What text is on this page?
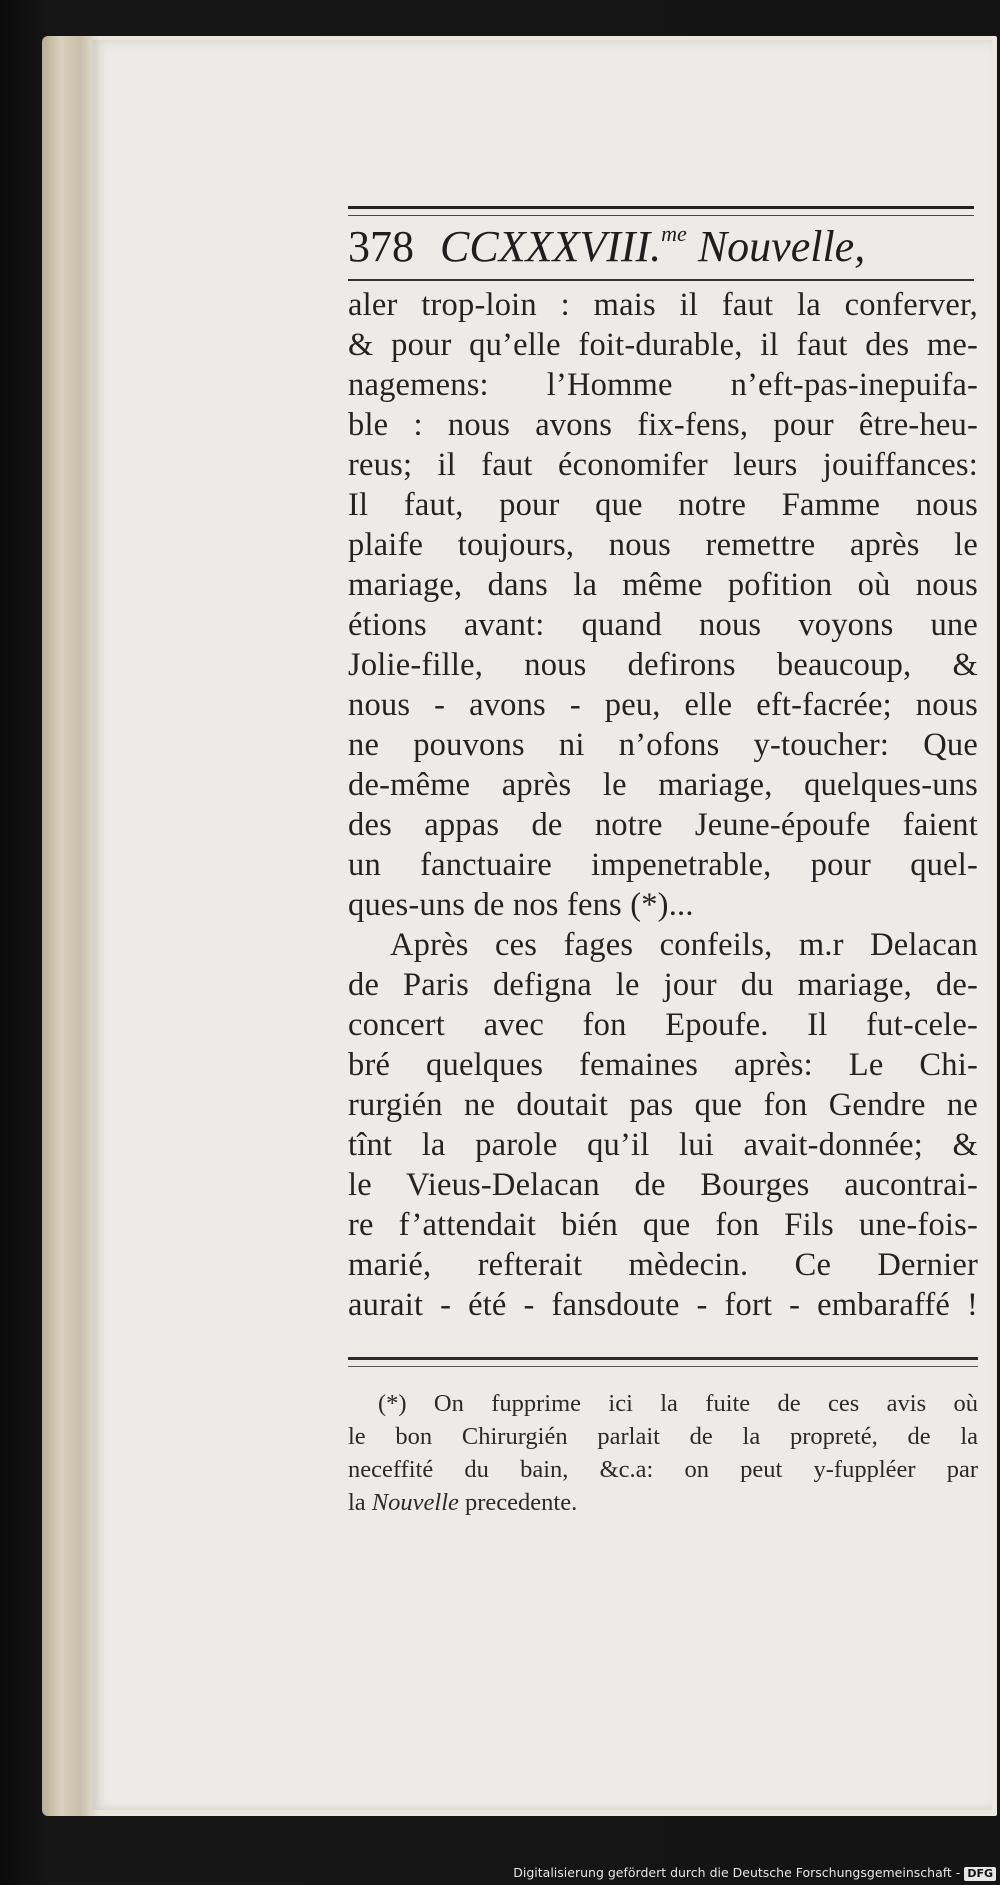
378 CCXXXVIII.$^{me}$ Nouvelle,
aler trop-loin : mais il faut la conferver,
& pour qu’elle foit-durable, il faut des me-
nagemens: l’Homme n’eft-pas-inepuifa-
ble : nous avons fix-fens, pour être-heu-
reus; il faut économifer leurs jouiffances:
Il faut, pour que notre Famme nous
plaife toujours, nous remettre après le
mariage, dans la même pofition où nous
étions avant: quand nous voyons une
Jolie-fille, nous defirons beaucoup, &
nous - avons - peu, elle eft-facrée; nous
ne pouvons ni n’ofons y-toucher: Que
de-même après le mariage, quelques-uns
des appas de notre Jeune-époufe faient
un fanctuaire impenetrable, pour quel-
ques-uns de nos fens (*)...
Après ces fages confeils, m.r Delacan
de Paris defigna le jour du mariage, de-
concert avec fon Epoufe. Il fut-cele-
bré quelques femaines après: Le Chi-
rurgién ne doutait pas que fon Gendre ne
tînt la parole qu’il lui avait-donnée; &
le Vieus-Delacan de Bourges aucontrai-
re f’attendait bién que fon Fils une-fois-
marié, refterait mèdecin. Ce Dernier
aurait - été - fansdoute - fort - embaraffé !
(*) On fupprime ici la fuite de ces avis où
le bon Chirurgién parlait de la propreté, de la
neceffité du bain, &c.a: on peut y-fuppléer par
la Nouvelle precedente.
Digitalisierung gefördert durch die Deutsche Forschungsgemeinschaft - DFG
